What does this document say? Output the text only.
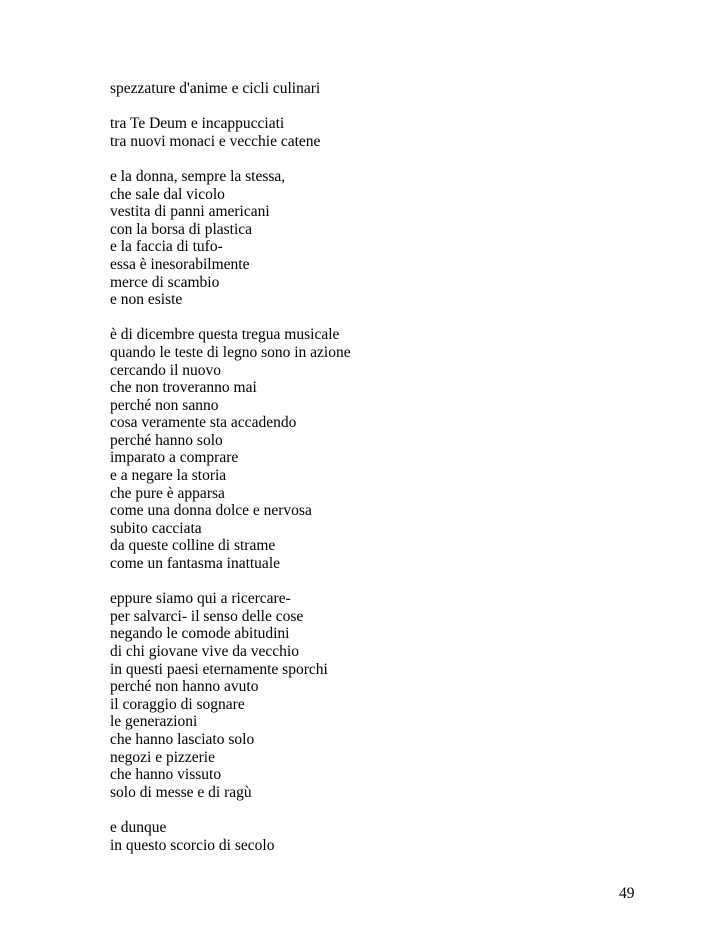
spezzature d'anime e cicli culinari
tra Te Deum e incappucciati
tra nuovi monaci e vecchie catene
e la donna, sempre la stessa,
che sale dal vicolo
vestita di panni americani
con la borsa di plastica
e la faccia di tufo-
essa è inesorabilmente
merce di scambio
e non esiste
è di dicembre questa tregua musicale
quando le teste di legno sono in azione
cercando il nuovo
che non troveranno mai
perché non sanno
cosa veramente sta accadendo
perché hanno solo
imparato a comprare
e a negare la storia
che pure è apparsa
come una donna dolce e nervosa
subito cacciata
da queste colline di strame
come un fantasma inattuale
eppure siamo qui a ricercare-
per salvarci- il senso delle cose
negando le comode abitudini
di chi giovane vive da vecchio
in questi paesi eternamente sporchi
perché non hanno avuto
il coraggio di sognare
le generazioni
che hanno lasciato solo
negozi e pizzerie
che hanno vissuto
solo di messe e di ragù
e dunque
in questo scorcio di secolo
49
